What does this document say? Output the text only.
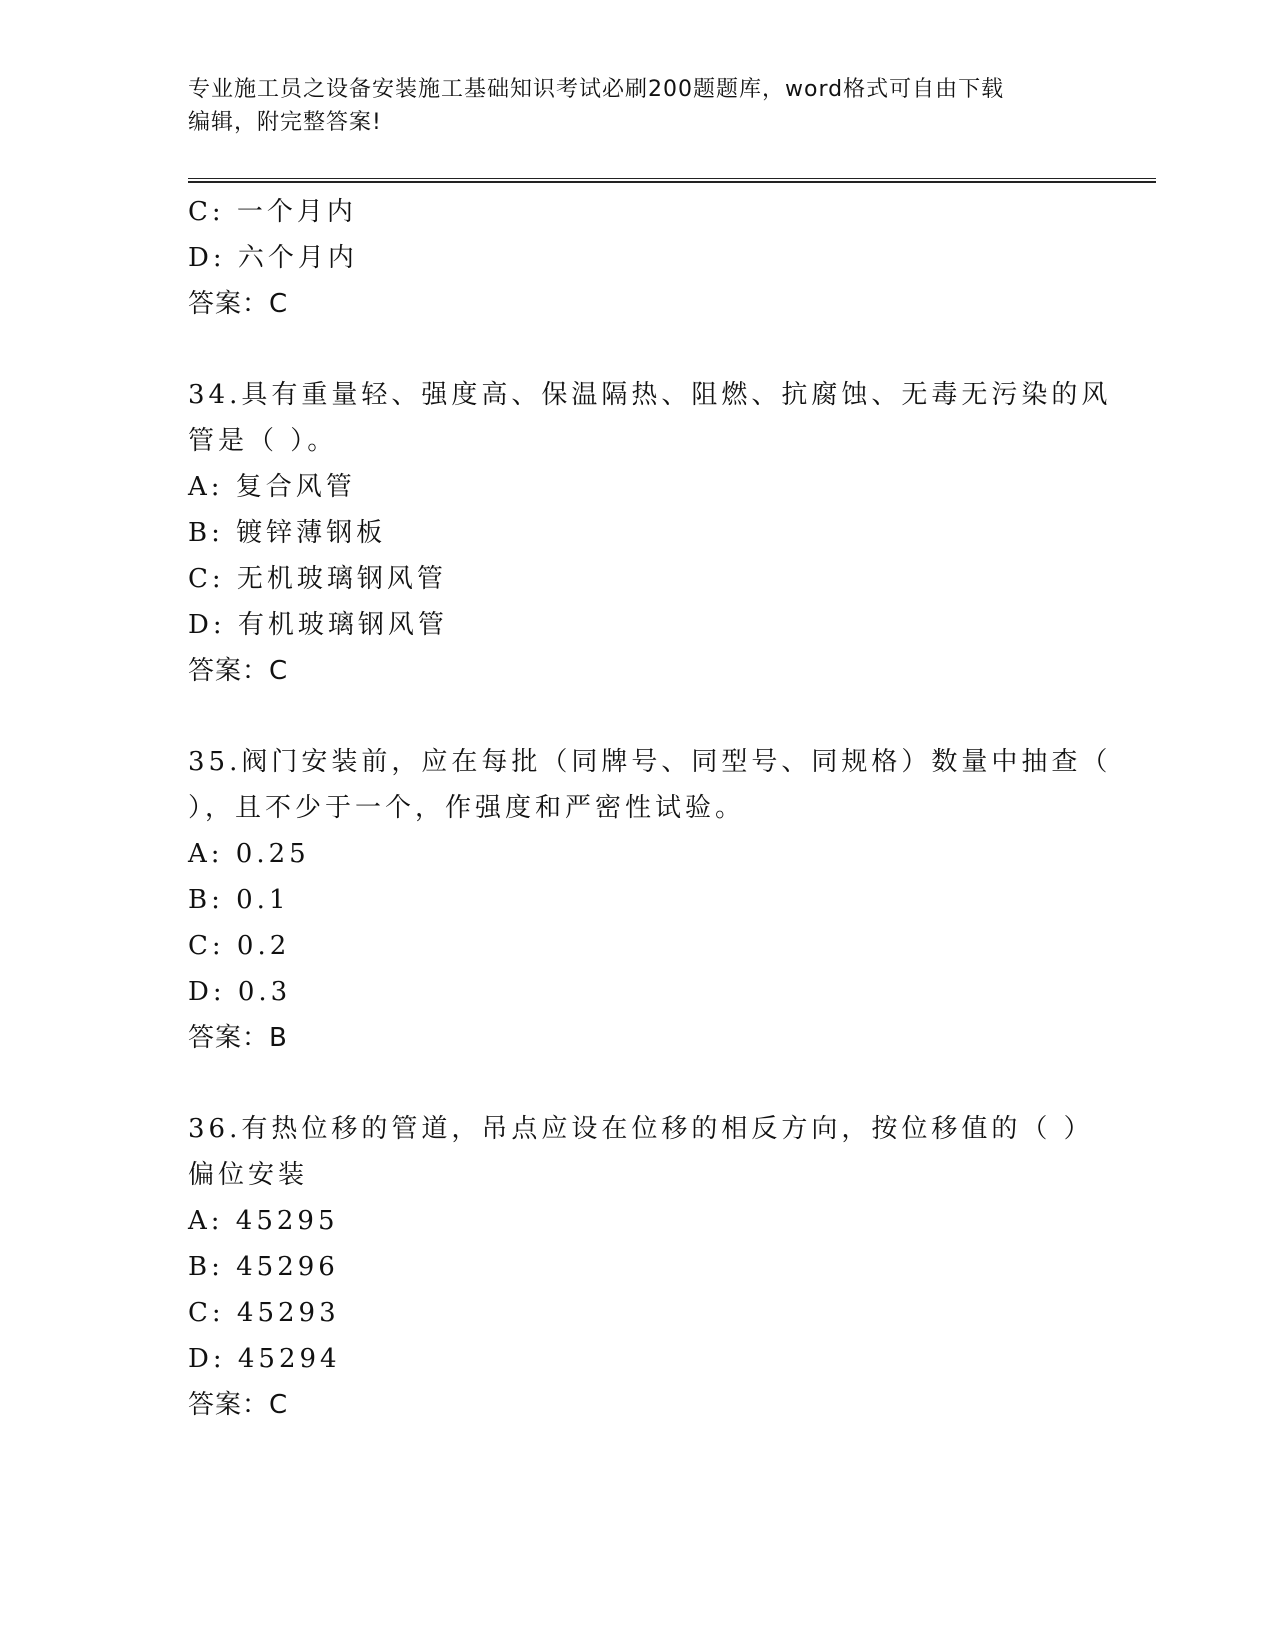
专业施工员之设备安装施工基础知识考试必刷200题题库，word格式可自由下载
编辑，附完整答案!
C: 一个月内
D: 六个月内
答案：C
34.具有重量轻、强度高、保温隔热、阻燃、抗腐蚀、无毒无污染的风
管是（ ）。
A: 复合风管
B: 镀锌薄钢板
C: 无机玻璃钢风管
D: 有机玻璃钢风管
答案：C
35.阀门安装前，应在每批（同牌号、同型号、同规格）数量中抽查（
），且不少于一个，作强度和严密性试验。
A: 0.25
B: 0.1
C: 0.2
D: 0.3
答案：B
36.有热位移的管道，吊点应设在位移的相反方向，按位移值的（ ）
偏位安装
A: 45295
B: 45296
C: 45293
D: 45294
答案：C
